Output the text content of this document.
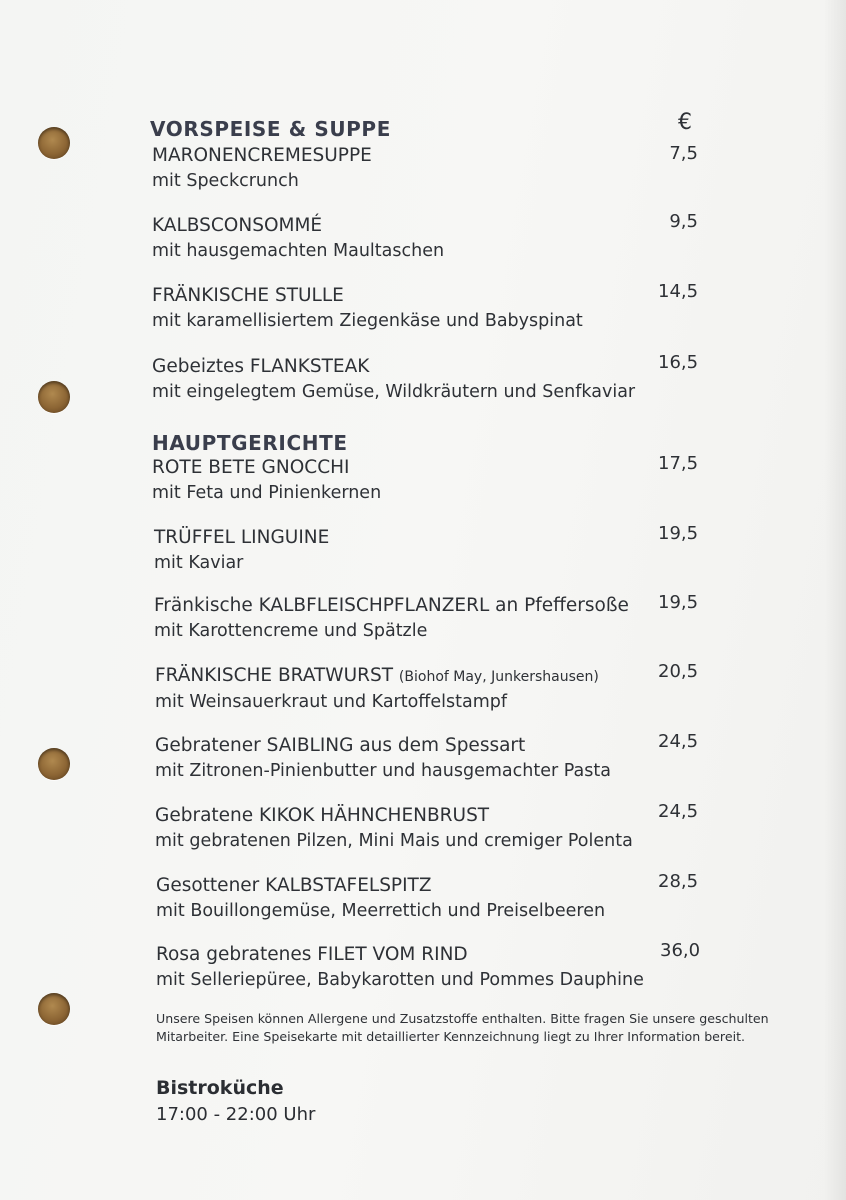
€
VORSPEISE & SUPPE
MARONENCREMESUPPE
mit Speckcrunch
7,5
KALBSCONSOMMÉ
mit hausgemachten Maultaschen
9,5
FRÄNKISCHE STULLE
mit karamellisiertem Ziegenkäse und Babyspinat
14,5
Gebeiztes FLANKSTEAK
mit eingelegtem Gemüse, Wildkräutern und Senfkaviar
16,5
HAUPTGERICHTE
ROTE BETE GNOCCHI
mit Feta und Pinienkernen
17,5
TRÜFFEL LINGUINE
mit Kaviar
19,5
Fränkische KALBFLEISCHPFLANZERL an Pfeffersoße
mit Karottencreme und Spätzle
19,5
FRÄNKISCHE BRATWURST (Biohof May, Junkershausen)
mit Weinsauerkraut und Kartoffelstampf
20,5
Gebratener SAIBLING aus dem Spessart
mit Zitronen-Pinienbutter und hausgemachter Pasta
24,5
Gebratene KIKOK HÄHNCHENBRUST
mit gebratenen Pilzen, Mini Mais und cremiger Polenta
24,5
Gesottener KALBSTAFELSPITZ
mit Bouillongemüse, Meerrettich und Preiselbeeren
28,5
Rosa gebratenes FILET VOM RIND
mit Selleriepüree, Babykarotten und Pommes Dauphine
36,0
Unsere Speisen können Allergene und Zusatzstoffe enthalten. Bitte fragen Sie unsere geschulten Mitarbeiter. Eine Speisekarte mit detaillierter Kennzeichnung liegt zu Ihrer Information bereit.
Bistroküche
17:00 - 22:00 Uhr
